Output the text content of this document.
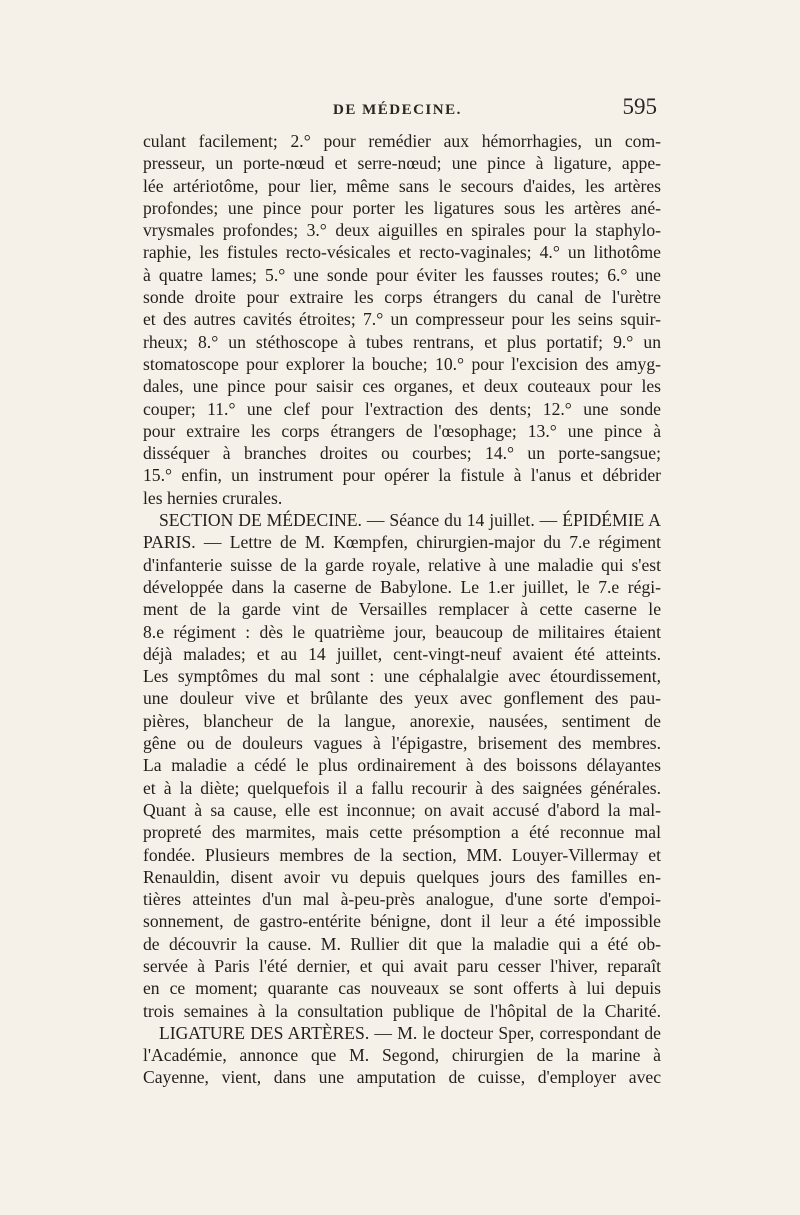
DE MÉDECINE.	595
culant facilement; 2.° pour remédier aux hémorrhagies, un com-
presseur, un porte-nœud et serre-nœud; une pince à ligature, appe-
lée artériotôme, pour lier, même sans le secours d'aides, les artères
profondes; une pince pour porter les ligatures sous les artères ané-
vrysmales profondes; 3.° deux aiguilles en spirales pour la staphylo-
raphie, les fistules recto-vésicales et recto-vaginales; 4.° un lithotôme
à quatre lames; 5.° une sonde pour éviter les fausses routes; 6.° une
sonde droite pour extraire les corps étrangers du canal de l'urètre
et des autres cavités étroites; 7.° un compresseur pour les seins squir-
rheux; 8.° un stéthoscope à tubes rentrans, et plus portatif; 9.° un
stomatoscope pour explorer la bouche; 10.° pour l'excision des amyg-
dales, une pince pour saisir ces organes, et deux couteaux pour les
couper; 11.° une clef pour l'extraction des dents; 12.° une sonde
pour extraire les corps étrangers de l'œsophage; 13.° une pince à
disséquer à branches droites ou courbes; 14.° un porte-sangsue;
15.° enfin, un instrument pour opérer la fistule à l'anus et débrider
les hernies crurales.
SECTION DE MÉDECINE. — Séance du 14 juillet. — ÉPIDÉMIE A
PARIS. — Lettre de M. Kœmpfen, chirurgien-major du 7.e régiment
d'infanterie suisse de la garde royale, relative à une maladie qui s'est
développée dans la caserne de Babylone. Le 1.er juillet, le 7.e régi-
ment de la garde vint de Versailles remplacer à cette caserne le
8.e régiment : dès le quatrième jour, beaucoup de militaires étaient
déjà malades; et au 14 juillet, cent-vingt-neuf avaient été atteints.
Les symptômes du mal sont : une céphalalgie avec étourdissement,
une douleur vive et brûlante des yeux avec gonflement des pau-
pières, blancheur de la langue, anorexie, nausées, sentiment de
gêne ou de douleurs vagues à l'épigastre, brisement des membres.
La maladie a cédé le plus ordinairement à des boissons délayantes
et à la diète; quelquefois il a fallu recourir à des saignées générales.
Quant à sa cause, elle est inconnue; on avait accusé d'abord la mal-
propreté des marmites, mais cette présomption a été reconnue mal
fondée. Plusieurs membres de la section, MM. Louyer-Villermay et
Renauldin, disent avoir vu depuis quelques jours des familles en-
tières atteintes d'un mal à-peu-près analogue, d'une sorte d'empoi-
sonnement, de gastro-entérite bénigne, dont il leur a été impossible
de découvrir la cause. M. Rullier dit que la maladie qui a été ob-
servée à Paris l'été dernier, et qui avait paru cesser l'hiver, reparaît
en ce moment; quarante cas nouveaux se sont offerts à lui depuis
trois semaines à la consultation publique de l'hôpital de la Charité.
LIGATURE DES ARTÈRES. — M. le docteur Sper, correspondant de
l'Académie, annonce que M. Segond, chirurgien de la marine à
Cayenne, vient, dans une amputation de cuisse, d'employer avec
